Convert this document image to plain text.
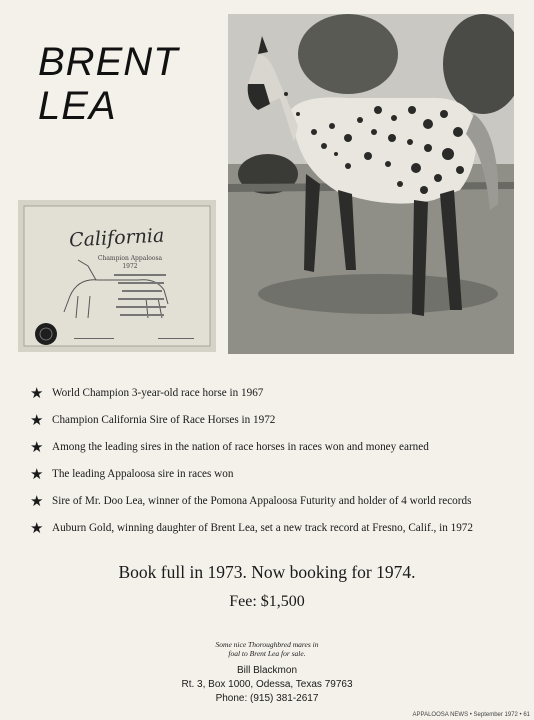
BRENT
LEA
California
Champion Appaloosa
1972
★ World Champion 3-year-old race horse in 1967
★ Champion California Sire of Race Horses in 1972
★ Among the leading sires in the nation of race horses in races won and money earned
★ The leading Appaloosa sire in races won
★ Sire of Mr. Doo Lea, winner of the Pomona Appaloosa Futurity and holder of 4 world records
★ Auburn Gold, winning daughter of Brent Lea, set a new track record at Fresno, Calif., in 1972
Book full in 1973. Now booking for 1974.
Fee: $1,500
Some nice Thoroughbred mares in
foal to Brent Lea for sale.
Bill Blackmon
Rt. 3, Box 1000, Odessa, Texas 79763
Phone: (915) 381-2617
APPALOOSA NEWS • September 1972 • 61
